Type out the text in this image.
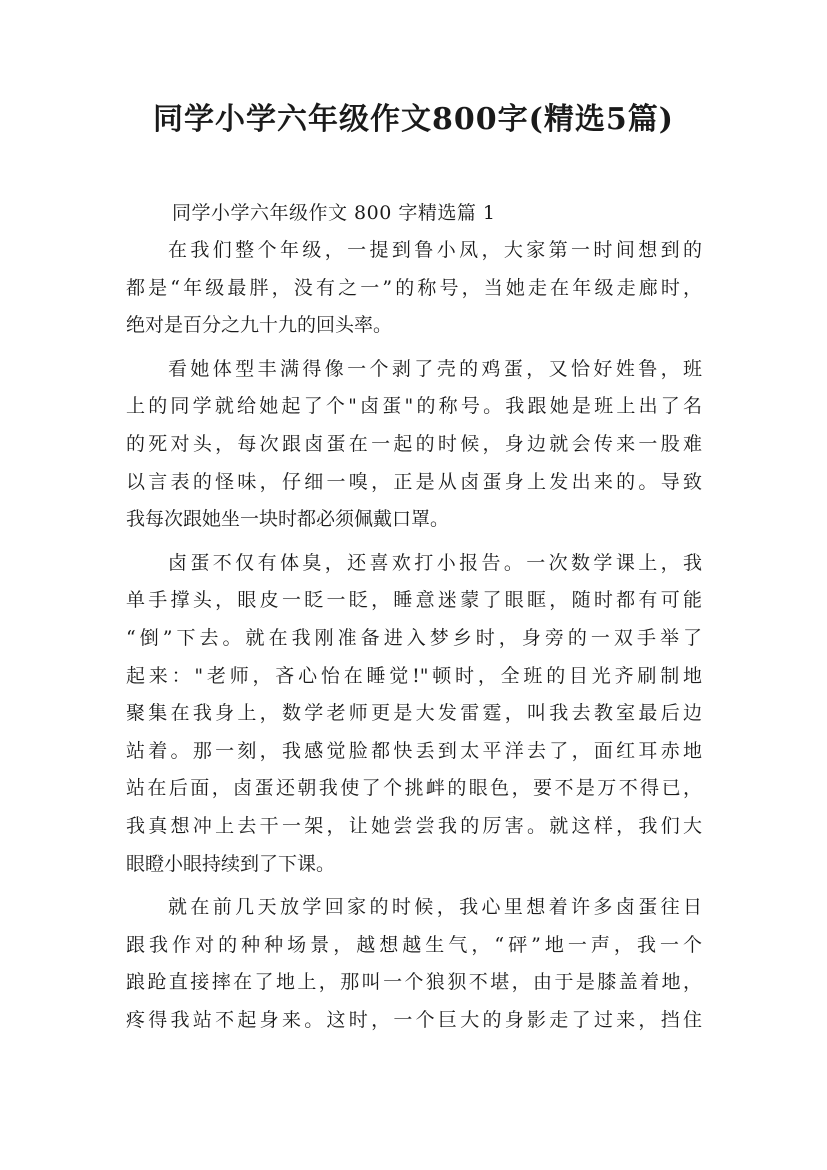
同学小学六年级作文800字(精选5篇)

同学小学六年级作文 800 字精选篇 1

在我们整个年级，一提到鲁小凤，大家第一时间想到的
都是“年级最胖，没有之一”的称号，当她走在年级走廊时，
绝对是百分之九十九的回头率。

看她体型丰满得像一个剥了壳的鸡蛋，又恰好姓鲁，班
上的同学就给她起了个"卤蛋"的称号。我跟她是班上出了名
的死对头，每次跟卤蛋在一起的时候，身边就会传来一股难
以言表的怪味，仔细一嗅，正是从卤蛋身上发出来的。导致
我每次跟她坐一块时都必须佩戴口罩。

卤蛋不仅有体臭，还喜欢打小报告。一次数学课上，我
单手撑头，眼皮一眨一眨，睡意迷蒙了眼眶，随时都有可能
“倒”下去。就在我刚准备进入梦乡时，身旁的一双手举了
起来："老师，吝心怡在睡觉!"顿时，全班的目光齐刷制地
聚集在我身上，数学老师更是大发雷霆，叫我去教室最后边
站着。那一刻，我感觉脸都快丢到太平洋去了，面红耳赤地
站在后面，卤蛋还朝我使了个挑衅的眼色，要不是万不得已，
我真想冲上去干一架，让她尝尝我的厉害。就这样，我们大
眼瞪小眼持续到了下课。

就在前几天放学回家的时候，我心里想着许多卤蛋往日
跟我作对的种种场景，越想越生气，“砰”地一声，我一个
踉跄直接摔在了地上，那叫一个狼狈不堪，由于是膝盖着地，
疼得我站不起身来。这时，一个巨大的身影走了过来，挡住
